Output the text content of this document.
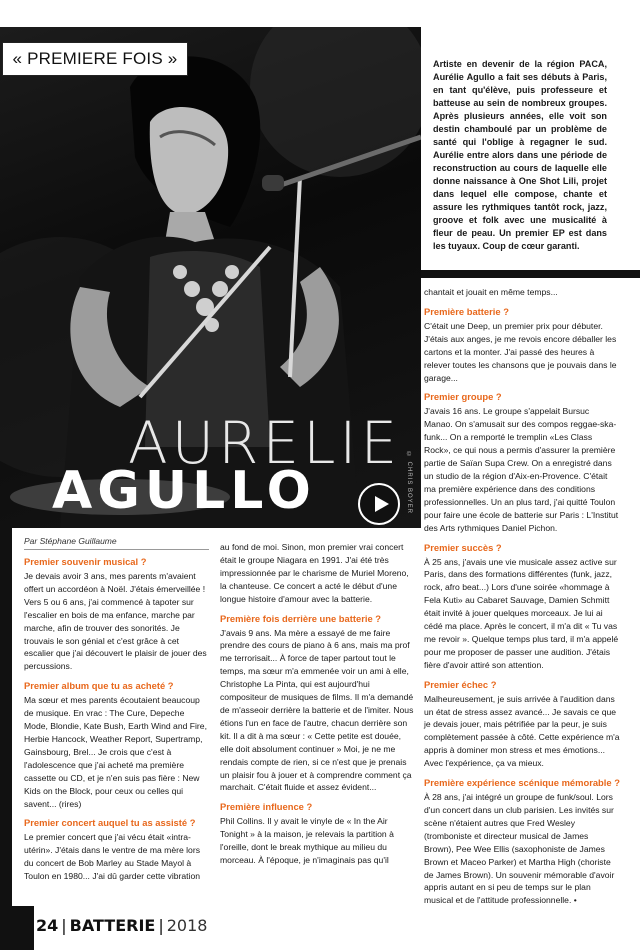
« PREMIERE FOIS »
AURELIE
AGULLO	© CHRIS BOYER
Artiste en devenir de la région PACA, Aurélie Agullo a fait ses débuts à Paris, en tant qu'élève, puis professeure et batteuse au sein de nombreux groupes. Après plusieurs années, elle voit son destin chamboulé par un problème de santé qui l'oblige à regagner le sud. Aurélie entre alors dans une période de reconstruction au cours de laquelle elle donne naissance à One Shot Lili, projet dans lequel elle compose, chante et assure les rythmiques tantôt rock, jazz, groove et folk avec une musicalité à fleur de peau. Un premier EP est dans les tuyaux. Coup de cœur garanti.
Par Stéphane Guillaume
Premier souvenir musical ?

Je devais avoir 3 ans, mes parents m'avaient offert un accordéon à Noël. J'étais émerveillée ! Vers 5 ou 6 ans, j'ai commencé à tapoter sur l'escalier en bois de ma enfance, marche par marche, afin de trouver des sonorités. Je trouvais le son génial et c'est grâce à cet escalier que j'ai découvert le plaisir de jouer des percussions.

Premier album que tu as acheté ?

Ma sœur et mes parents écoutaient beaucoup de musique. En vrac : The Cure, Depeche Mode, Blondie, Kate Bush, Earth Wind and Fire, Herbie Hancock, Weather Report, Supertramp, Gainsbourg, Brel... Je crois que c'est à l'adolescence que j'ai acheté ma première cassette ou CD, et je n'en suis pas fière : New Kids on the Block, pour ceux ou celles qui savent... (rires)

Premier concert auquel tu as assisté ?

Le premier concert que j'ai vécu était «intra-utérin». J'étais dans le ventre de ma mère lors du concert de Bob Marley au Stade Mayol à Toulon en 1980... J'ai dû garder cette vibration

au fond de moi. Sinon, mon premier vrai concert était le groupe Niagara en 1991. J'ai été très impressionnée par le charisme de Muriel Moreno, la chanteuse. Ce concert a acté le début d'une longue histoire d'amour avec la batterie.

Première fois derrière une batterie ?

J'avais 9 ans. Ma mère a essayé de me faire prendre des cours de piano à 6 ans, mais ma prof me terrorisait... À force de taper partout tout le temps, ma sœur m'a emmenée voir un ami à elle, Christophe La Pinta, qui est aujourd'hui compositeur de musiques de films. Il m'a demandé de m'asseoir derrière la batterie et de l'imiter. Nous étions l'un en face de l'autre, chacun derrière son kit. Il a dit à ma sœur : « Cette petite est douée, elle doit absolument continuer » Moi, je ne me rendais compte de rien, si ce n'est que je prenais un plaisir fou à jouer et à comprendre comment ça marchait. C'était fluide et assez évident...

Première influence ?

Phil Collins. Il y avait le vinyle de « In the Air Tonight » à la maison, je relevais la partition à l'oreille, dont le break mythique au milieu du morceau. À l'époque, je n'imaginais pas qu'il

chantait et jouait en même temps...

Première batterie ?

C'était une Deep, un premier prix pour débuter. J'étais aux anges, je me revois encore déballer les cartons et la monter. J'ai passé des heures à relever toutes les chansons que je pouvais dans le garage...

Premier groupe ?

J'avais 16 ans. Le groupe s'appelait Bursuc Manao. On s'amusait sur des compos reggae-ska-funk... On a remporté le tremplin «Les Class Rock», ce qui nous a permis d'assurer la première partie de Saïan Supa Crew. On a enregistré dans un studio de la région d'Aix-en-Provence. C'était ma première expérience dans des conditions professionnelles. Un an plus tard, j'ai quitté Toulon pour faire une école de batterie sur Paris : L'Institut des Arts rythmiques Daniel Pichon.

Premier succès ?

À 25 ans, j'avais une vie musicale assez active sur Paris, dans des formations différentes (funk, jazz, rock, afro beat...) Lors d'une soirée «hommage à Fela Kuti» au Cabaret Sauvage, Damien Schmitt était invité à jouer quelques morceaux. Je lui ai cédé ma place. Après le concert, il m'a dit « Tu vas me revoir ». Quelque temps plus tard, il m'a appelé pour me proposer de passer une audition. J'étais fière d'avoir attiré son attention.

Premier échec ?

Malheureusement, je suis arrivée à l'audition dans un état de stress assez avancé... Je savais ce que je devais jouer, mais pétrifiée par la peur, je suis complètement passée à côté. Cette expérience m'a appris à dominer mon stress et mes émotions... Avec l'expérience, ça va mieux.

Première expérience scénique mémorable ?

À 28 ans, j'ai intégré un groupe de funk/soul. Lors d'un concert dans un club parisien. Les invités sur scène n'étaient autres que Fred Wesley (tromboniste et directeur musical de James Brown), Pee Wee Ellis (saxophoniste de James Brown et Maceo Parker) et Martha High (choriste de James Brown). Un souvenir mémorable d'avoir appris autant en si peu de temps sur le plan musical et de l'attitude professionnelle. •

24 | BATTERIE | 2018
